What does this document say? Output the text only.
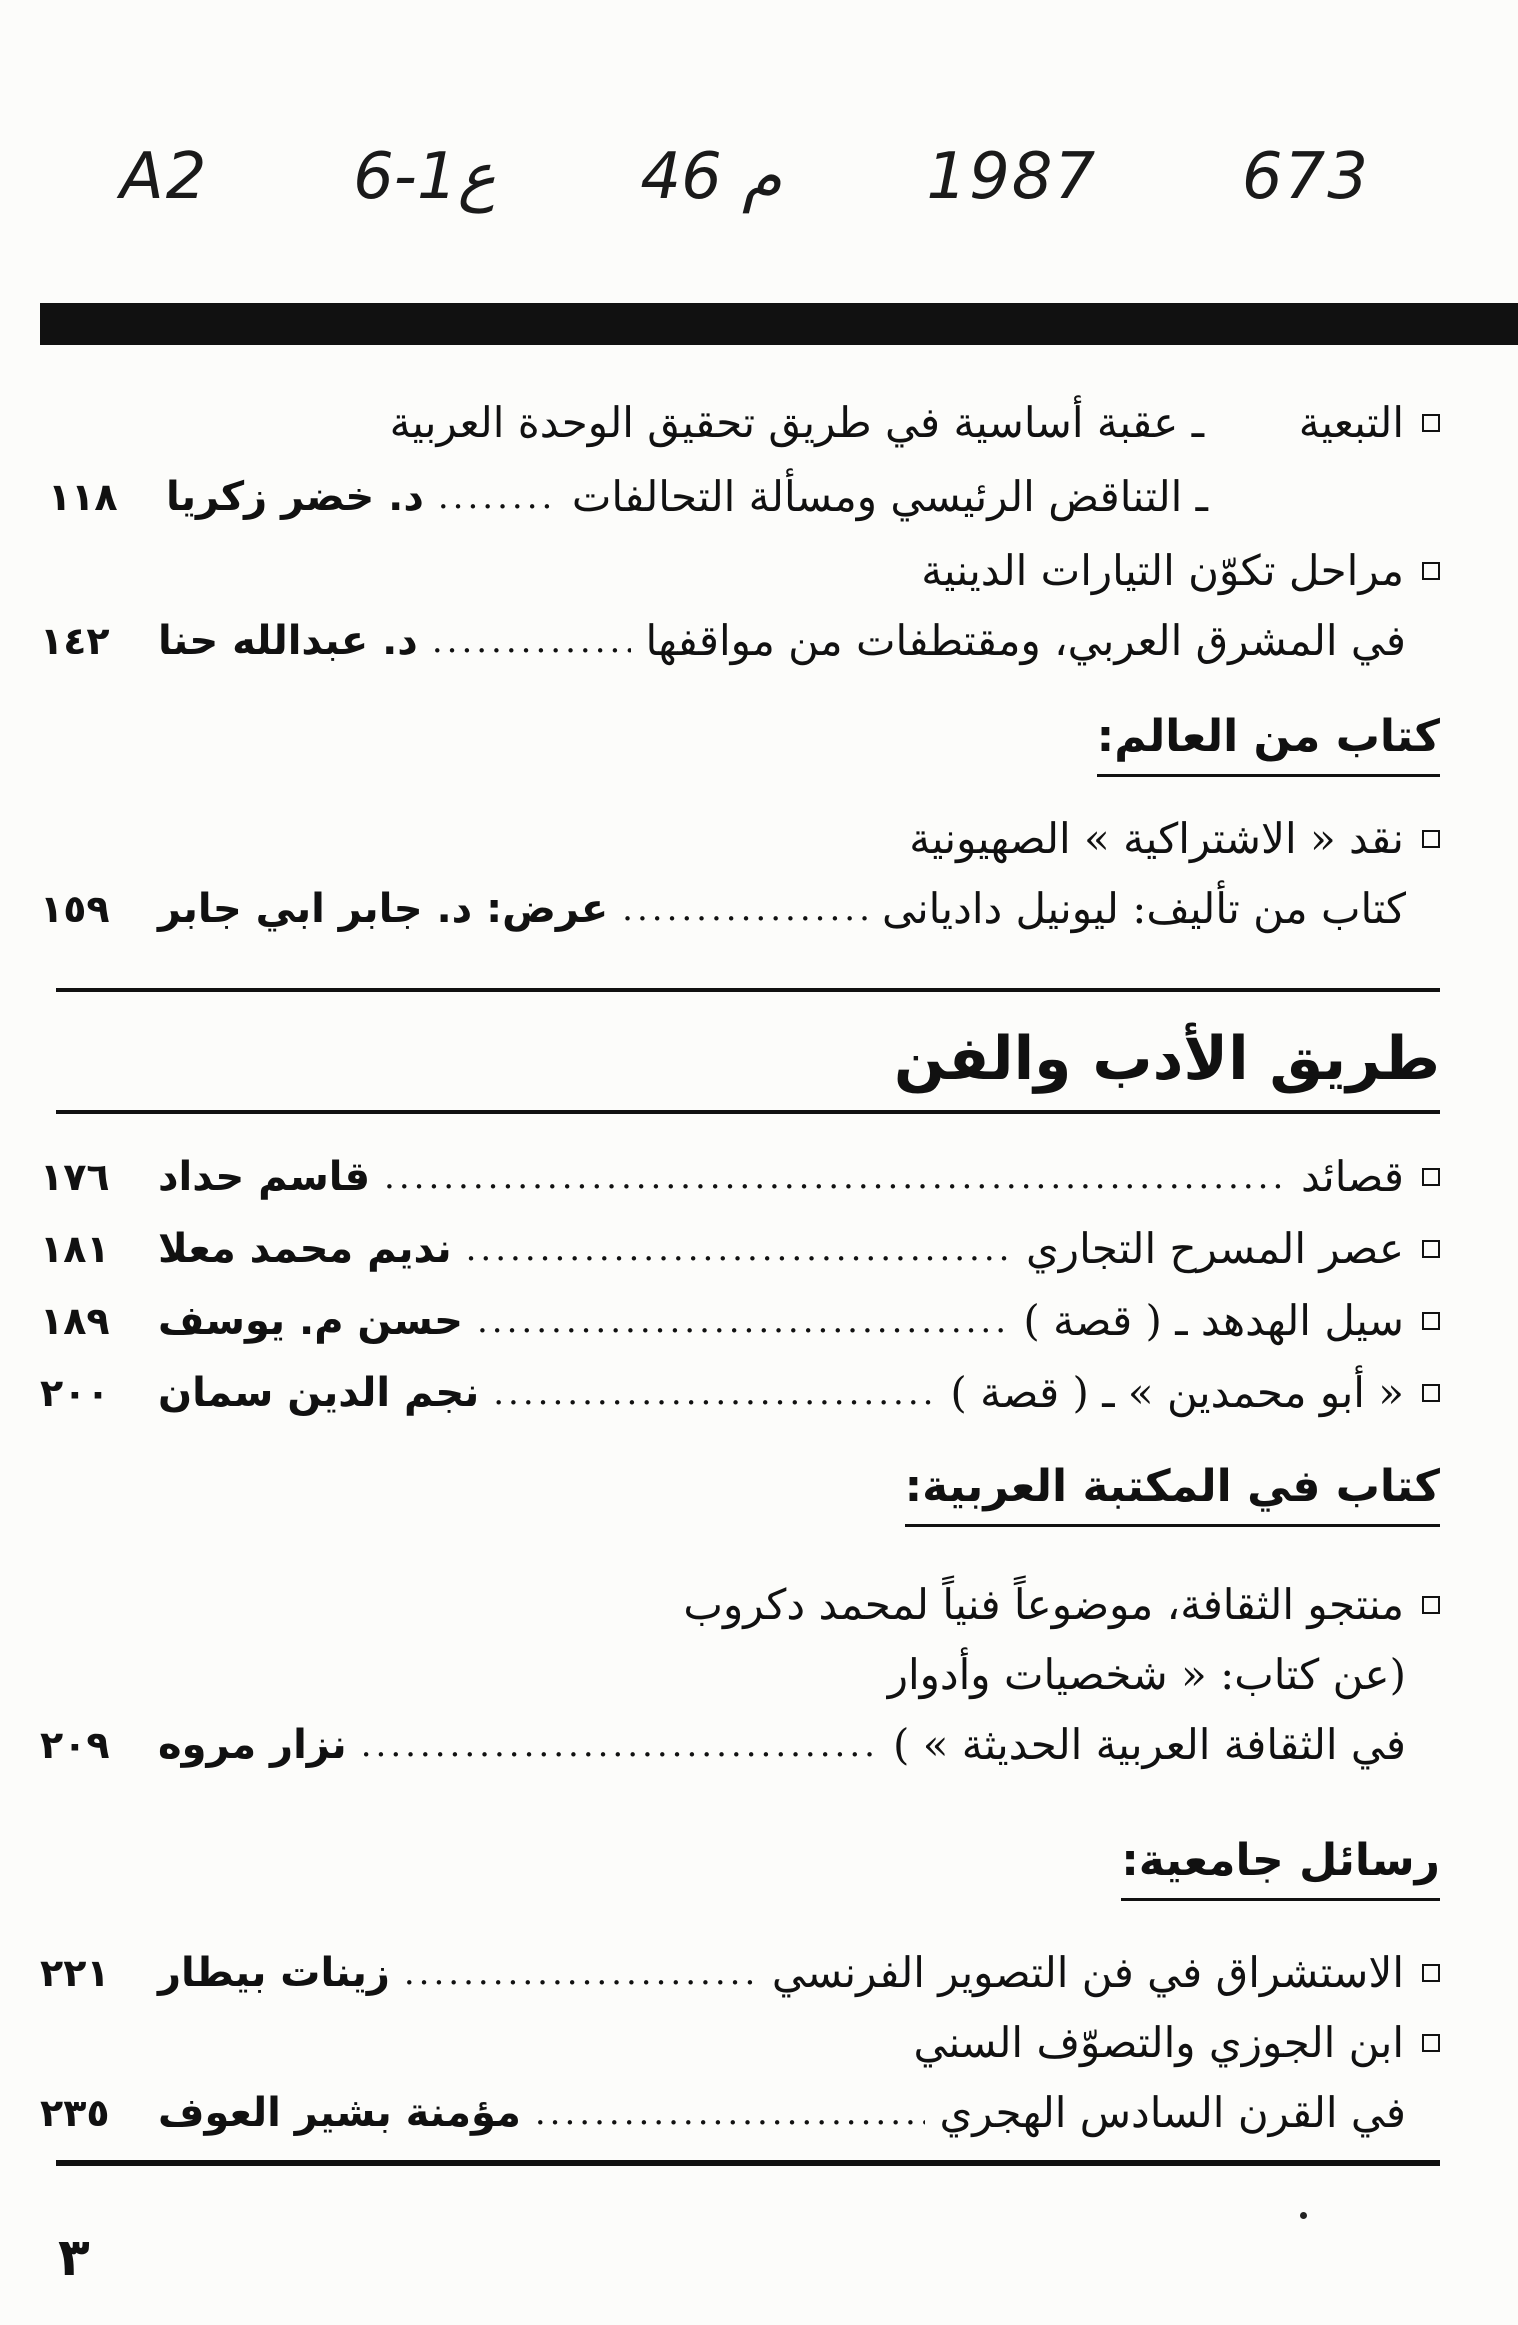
A2 6-1ع 46 م 1987 673
التبعية
ـ عقبة أساسية في طريق تحقيق الوحدة العربية
ـ التناقض الرئيسي ومسألة التحالفات
.....
د. خضر زكريا
١١٨
مراحل تكوّن التيارات الدينية
في المشرق العربي، ومقتطفات من مواقفها
.....
د. عبدالله حنا
١٤٢
كتاب من العالم:
نقد « الاشتراكية » الصهيونية
كتاب من تأليف: ليونيل داديانى
.....
عرض: د. جابر ابي جابر
١٥٩
طريق الأدب والفن
قصائد
.....
قاسم حداد
١٧٦
عصر المسرح التجاري
.....
نديم محمد معلا
١٨١
سيل الهدهد ـ ( قصة )
.....
حسن م. يوسف
١٨٩
« أبو محمدين » ـ ( قصة )
.....
نجم الدين سمان
٢٠٠
كتاب في المكتبة العربية:
منتجو الثقافة، موضوعاً فنياً لمحمد دكروب
(عن كتاب: « شخصيات وأدوار
في الثقافة العربية الحديثة » )
.....
نزار مروه
٢٠٩
رسائل جامعية:
الاستشراق في فن التصوير الفرنسي
.....
زينات بيطار
٢٢١
ابن الجوزي والتصوّف السني
في القرن السادس الهجري
.....
مؤمنة بشير العوف
٢٣٥
٣
